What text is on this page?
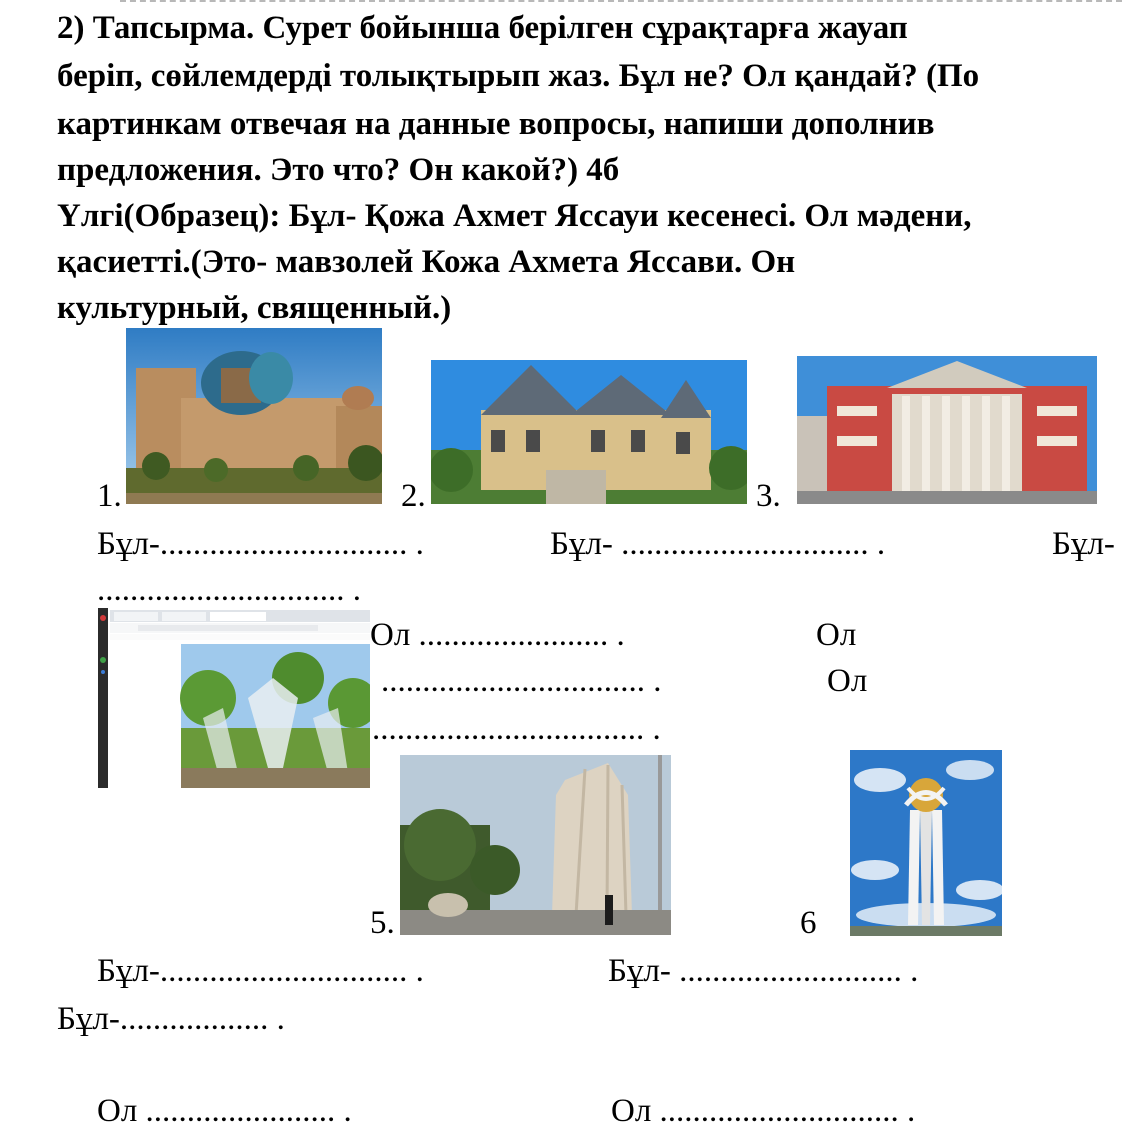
2) Тапсырма. Сурет бойынша берілген сұрақтарға жауап
беріп, сөйлемдерді толықтырып жаз. Бұл не? Ол қандай? (По
картинкам отвечая на данные вопросы, напиши дополнив
предложения. Это что? Он какой?) 4б
Үлгі(Образец): Бұл- Қожа Ахмет Яссауи кесенесі. Ол мәдени,
қасиетті.(Это- мавзолей Кожа Ахмета Яссави. Он
культурный, священный.)
1.	2.	3.
Бұл-.............................. .	Бұл- .............................. .	Бұл-
.............................. .
Ол ....................... .	Ол
................................ .	Ол
................................. .
5.	6
Бұл-.............................. .	Бұл- ........................... .
Бұл-.................. .
Ол ....................... .	Ол ............................. .
